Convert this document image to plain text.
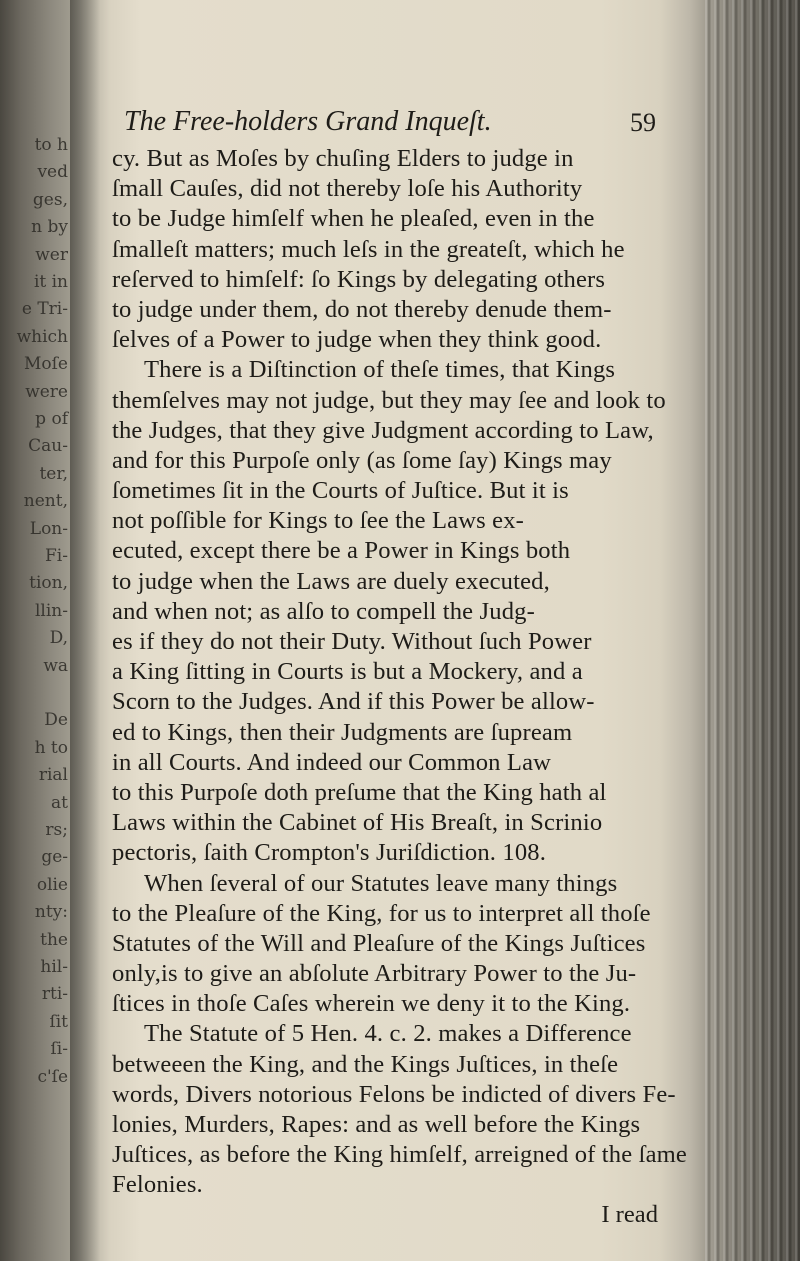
to h
ved
ges,
n by
wer
it in
e Tri-
which
Moſe
were
p of
Cau-
ter,
nent,
Lon-
Fi-
tion,
llin-
D,
wa
De
h to
rial
at
rs;
ge-
olie
nty:
the
hil-
rti-
ſit
ſi-
c'ſe
The Free-holders Grand Inqueſt.	59
cy. But as Moſes by chuſing Elders to judge in
ſmall Cauſes, did not thereby loſe his Authority
to be Judge himſelf when he pleaſed, even in the
ſmalleſt matters; much leſs in the greateſt, which he
reſerved to himſelf: ſo Kings by delegating others
to judge under them, do not thereby denude them-
ſelves of a Power to judge when they think good.
There is a Diſtinction of theſe times, that Kings
themſelves may not judge, but they may ſee and look to
the Judges, that they give Judgment according to Law,
and for this Purpoſe only (as ſome ſay) Kings may
ſometimes ſit in the Courts of Juſtice. But it is
not poſſible for Kings to ſee the Laws ex-
ecuted, except there be a Power in Kings both
to judge when the Laws are duely executed,
and when not; as alſo to compell the Judg-
es if they do not their Duty. Without ſuch Power
a King ſitting in Courts is but a Mockery, and a
Scorn to the Judges. And if this Power be allow-
ed to Kings, then their Judgments are ſupream
in all Courts. And indeed our Common Law
to this Purpoſe doth preſume that the King hath al
Laws within the Cabinet of His Breaſt, in Scrinio
pectoris, ſaith Crompton's Juriſdiction. 108.
When ſeveral of our Statutes leave many things
to the Pleaſure of the King, for us to interpret all thoſe
Statutes of the Will and Pleaſure of the Kings Juſtices
only,is to give an abſolute Arbitrary Power to the Ju-
ſtices in thoſe Caſes wherein we deny it to the King.
The Statute of 5 Hen. 4. c. 2. makes a Difference
betweeen the King, and the Kings Juſtices, in theſe
words, Divers notorious Felons be indicted of divers Fe-
lonies, Murders, Rapes: and as well before the Kings
Juſtices, as before the King himſelf, arreigned of the ſame
Felonies.
I read
